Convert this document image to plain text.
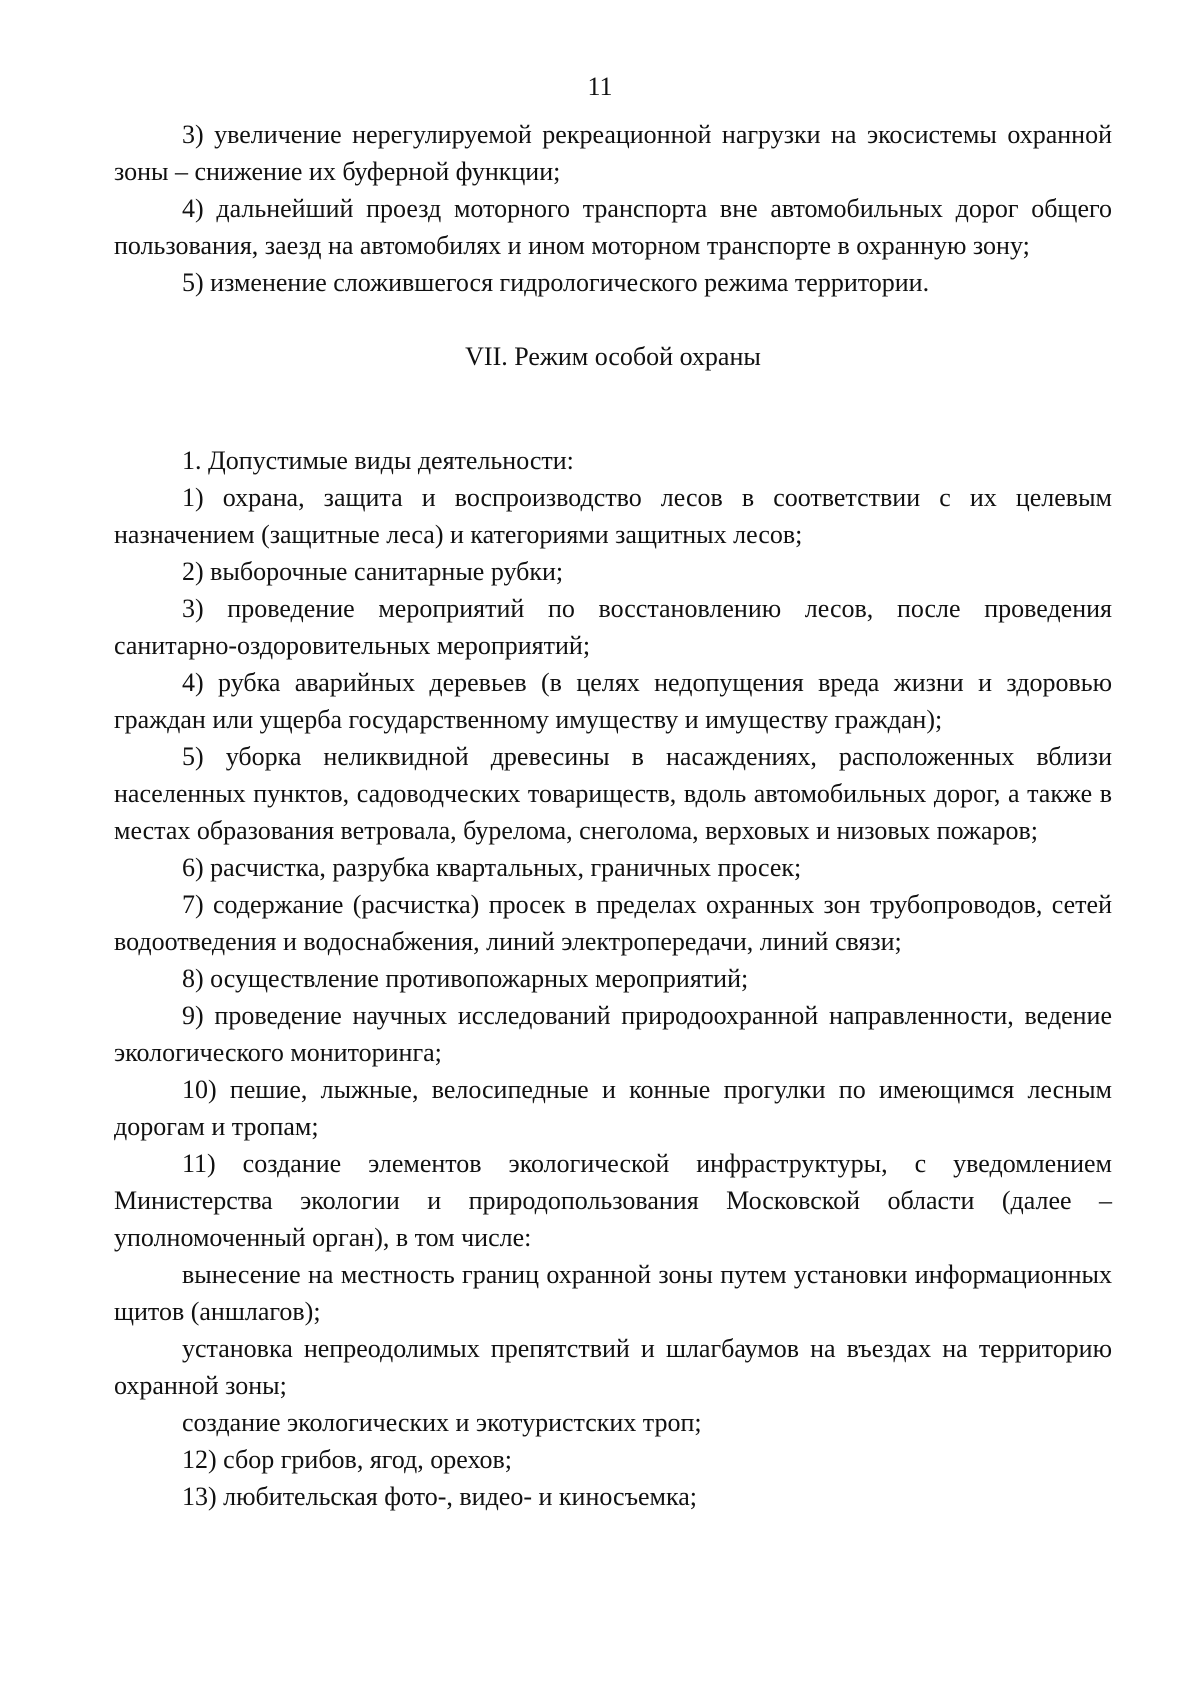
11

3) увеличение нерегулируемой рекреационной нагрузки на экосистемы охранной зоны – снижение их буферной функции;

4) дальнейший проезд моторного транспорта вне автомобильных дорог общего пользования, заезд на автомобилях и ином моторном транспорте в охранную зону;

5) изменение сложившегося гидрологического режима территории.

VII. Режим особой охраны

1. Допустимые виды деятельности:

1) охрана, защита и воспроизводство лесов в соответствии с их целевым назначением (защитные леса) и категориями защитных лесов;

2) выборочные санитарные рубки;

3) проведение мероприятий по восстановлению лесов, после проведения санитарно-оздоровительных мероприятий;

4) рубка аварийных деревьев (в целях недопущения вреда жизни и здоровью граждан или ущерба государственному имуществу и имуществу граждан);

5) уборка неликвидной древесины в насаждениях, расположенных вблизи населенных пунктов, садоводческих товариществ, вдоль автомобильных дорог, а также в местах образования ветровала, бурелома, снеголома, верховых и низовых пожаров;

6) расчистка, разрубка квартальных, граничных просек;

7) содержание (расчистка) просек в пределах охранных зон трубопроводов, сетей водоотведения и водоснабжения, линий электропередачи, линий связи;

8) осуществление противопожарных мероприятий;

9) проведение научных исследований природоохранной направленности, ведение экологического мониторинга;

10) пешие, лыжные, велосипедные и конные прогулки по имеющимся лесным дорогам и тропам;

11) создание элементов экологической инфраструктуры, с уведомлением Министерства экологии и природопользования Московской области (далее – уполномоченный орган), в том числе:

вынесение на местность границ охранной зоны путем установки информационных щитов (аншлагов);

установка непреодолимых препятствий и шлагбаумов на въездах на территорию охранной зоны;

создание экологических и экотуристских троп;

12) сбор грибов, ягод, орехов;

13) любительская фото-, видео- и киносъемка;
